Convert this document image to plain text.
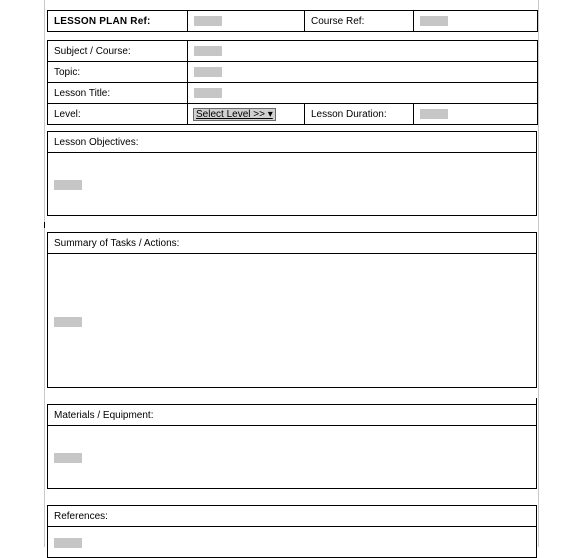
LESSON PLAN Ref:		Course Ref:	
Subject / Course:			
Topic:			
Lesson Title:			
Level:	Select Level >> ▾	Lesson Duration:	
Lesson Objectives:

Summary of Tasks / Actions:

Materials / Equipment:

References:
